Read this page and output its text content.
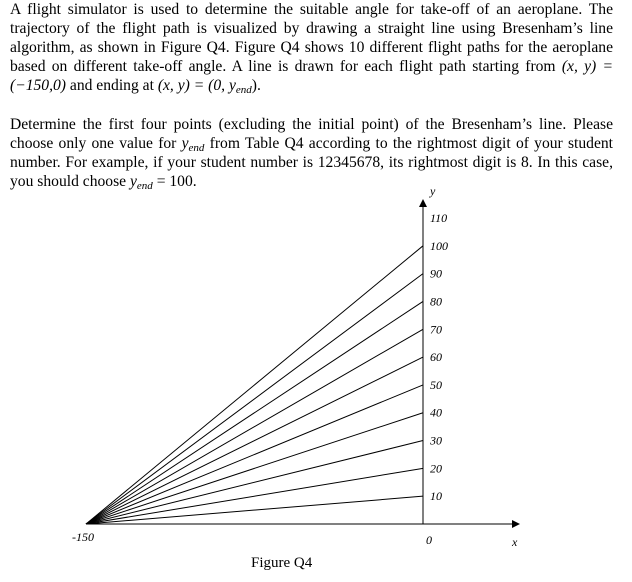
A flight simulator is used to determine the suitable angle for take-off of an aeroplane. The trajectory of the flight path is visualized by drawing a straight line using Bresenham’s line algorithm, as shown in Figure Q4. Figure Q4 shows 10 different flight paths for the aeroplane based on different take-off angle. A line is drawn for each flight path starting from (x, y) = (−150,0) and ending at (x, y) = (0, $y_{end}$).

Determine the first four points (excluding the initial point) of the Bresenham’s line. Please choose only one value for $y_{end}$ from Table Q4 according to the rightmost digit of your student number. For example, if your student number is 12345678, its rightmost digit is 8. In this case, you should choose $y_{end} = 100$.

10
20
30
40
50
60
70
80
90
100
110
-150	0	x
y
Figure Q4
